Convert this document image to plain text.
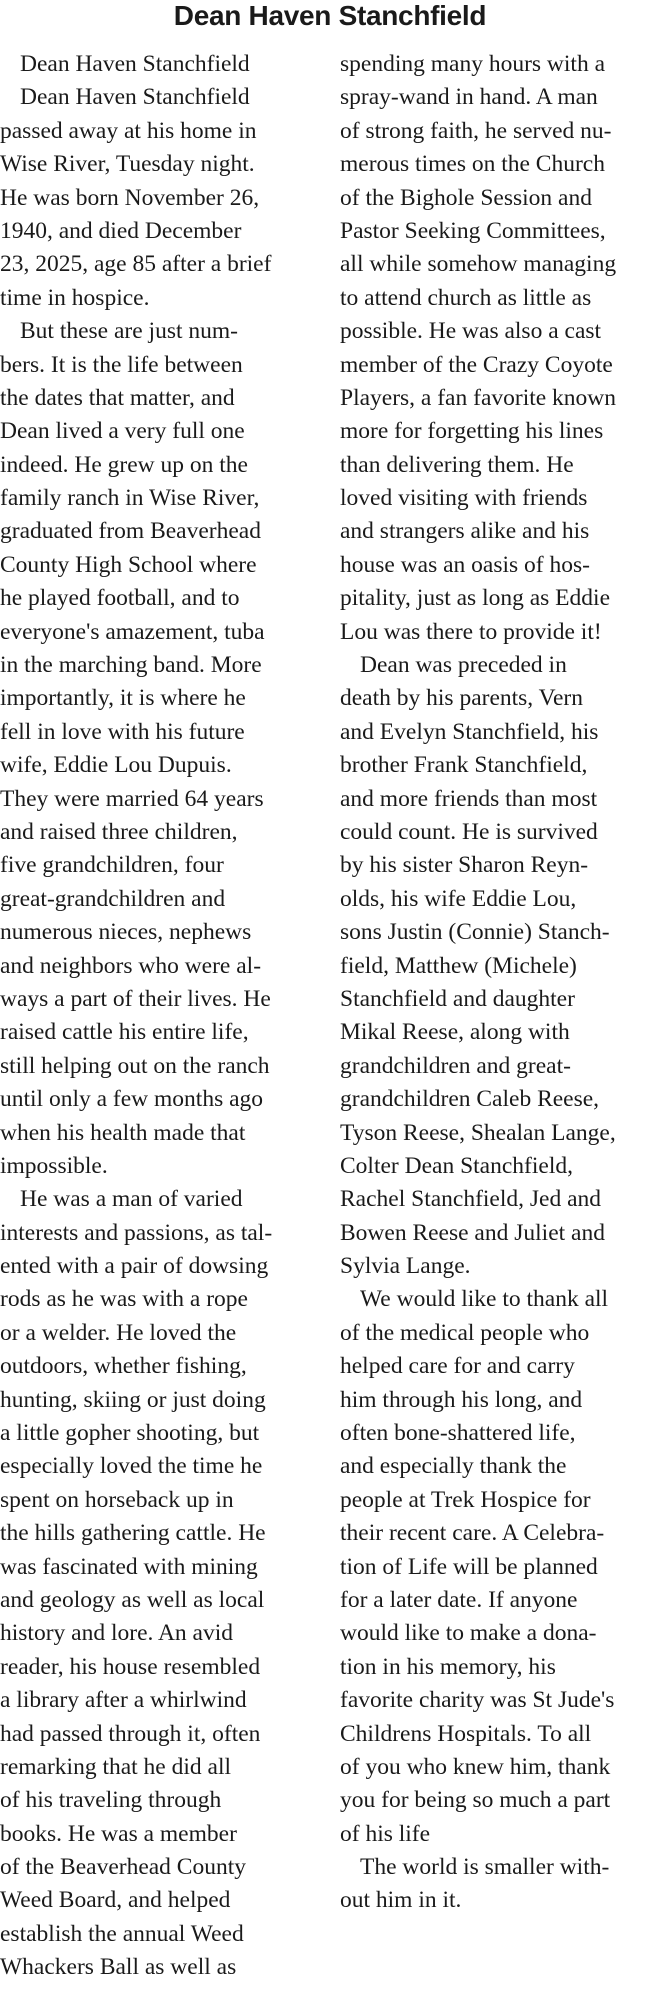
Dean Haven Stanchfield
Dean Haven Stanchfield
Dean Haven Stanchfield
passed away at his home in
Wise River, Tuesday night.
He was born November 26,
1940, and died December
23, 2025, age 85 after a brief
time in hospice.
But these are just num-
bers. It is the life between
the dates that matter, and
Dean lived a very full one
indeed. He grew up on the
family ranch in Wise River,
graduated from Beaverhead
County High School where
he played football, and to
everyone's amazement, tuba
in the marching band. More
importantly, it is where he
fell in love with his future
wife, Eddie Lou Dupuis.
They were married 64 years
and raised three children,
five grandchildren, four
great-grandchildren and
numerous nieces, nephews
and neighbors who were al-
ways a part of their lives. He
raised cattle his entire life,
still helping out on the ranch
until only a few months ago
when his health made that
impossible.
He was a man of varied
interests and passions, as tal-
ented with a pair of dowsing
rods as he was with a rope
or a welder. He loved the
outdoors, whether fishing,
hunting, skiing or just doing
a little gopher shooting, but
especially loved the time he
spent on horseback up in
the hills gathering cattle. He
was fascinated with mining
and geology as well as local
history and lore. An avid
reader, his house resembled
a library after a whirlwind
had passed through it, often
remarking that he did all
of his traveling through
books. He was a member
of the Beaverhead County
Weed Board, and helped
establish the annual Weed
Whackers Ball as well as
spending many hours with a
spray-wand in hand. A man
of strong faith, he served nu-
merous times on the Church
of the Bighole Session and
Pastor Seeking Committees,
all while somehow managing
to attend church as little as
possible. He was also a cast
member of the Crazy Coyote
Players, a fan favorite known
more for forgetting his lines
than delivering them. He
loved visiting with friends
and strangers alike and his
house was an oasis of hos-
pitality, just as long as Eddie
Lou was there to provide it!
Dean was preceded in
death by his parents, Vern
and Evelyn Stanchfield, his
brother Frank Stanchfield,
and more friends than most
could count. He is survived
by his sister Sharon Reyn-
olds, his wife Eddie Lou,
sons Justin (Connie) Stanch-
field, Matthew (Michele)
Stanchfield and daughter
Mikal Reese, along with
grandchildren and great-
grandchildren Caleb Reese,
Tyson Reese, Shealan Lange,
Colter Dean Stanchfield,
Rachel Stanchfield, Jed and
Bowen Reese and Juliet and
Sylvia Lange.
We would like to thank all
of the medical people who
helped care for and carry
him through his long, and
often bone-shattered life,
and especially thank the
people at Trek Hospice for
their recent care. A Celebra-
tion of Life will be planned
for a later date. If anyone
would like to make a dona-
tion in his memory, his
favorite charity was St Jude's
Childrens Hospitals. To all
of you who knew him, thank
you for being so much a part
of his life
The world is smaller with-
out him in it.
